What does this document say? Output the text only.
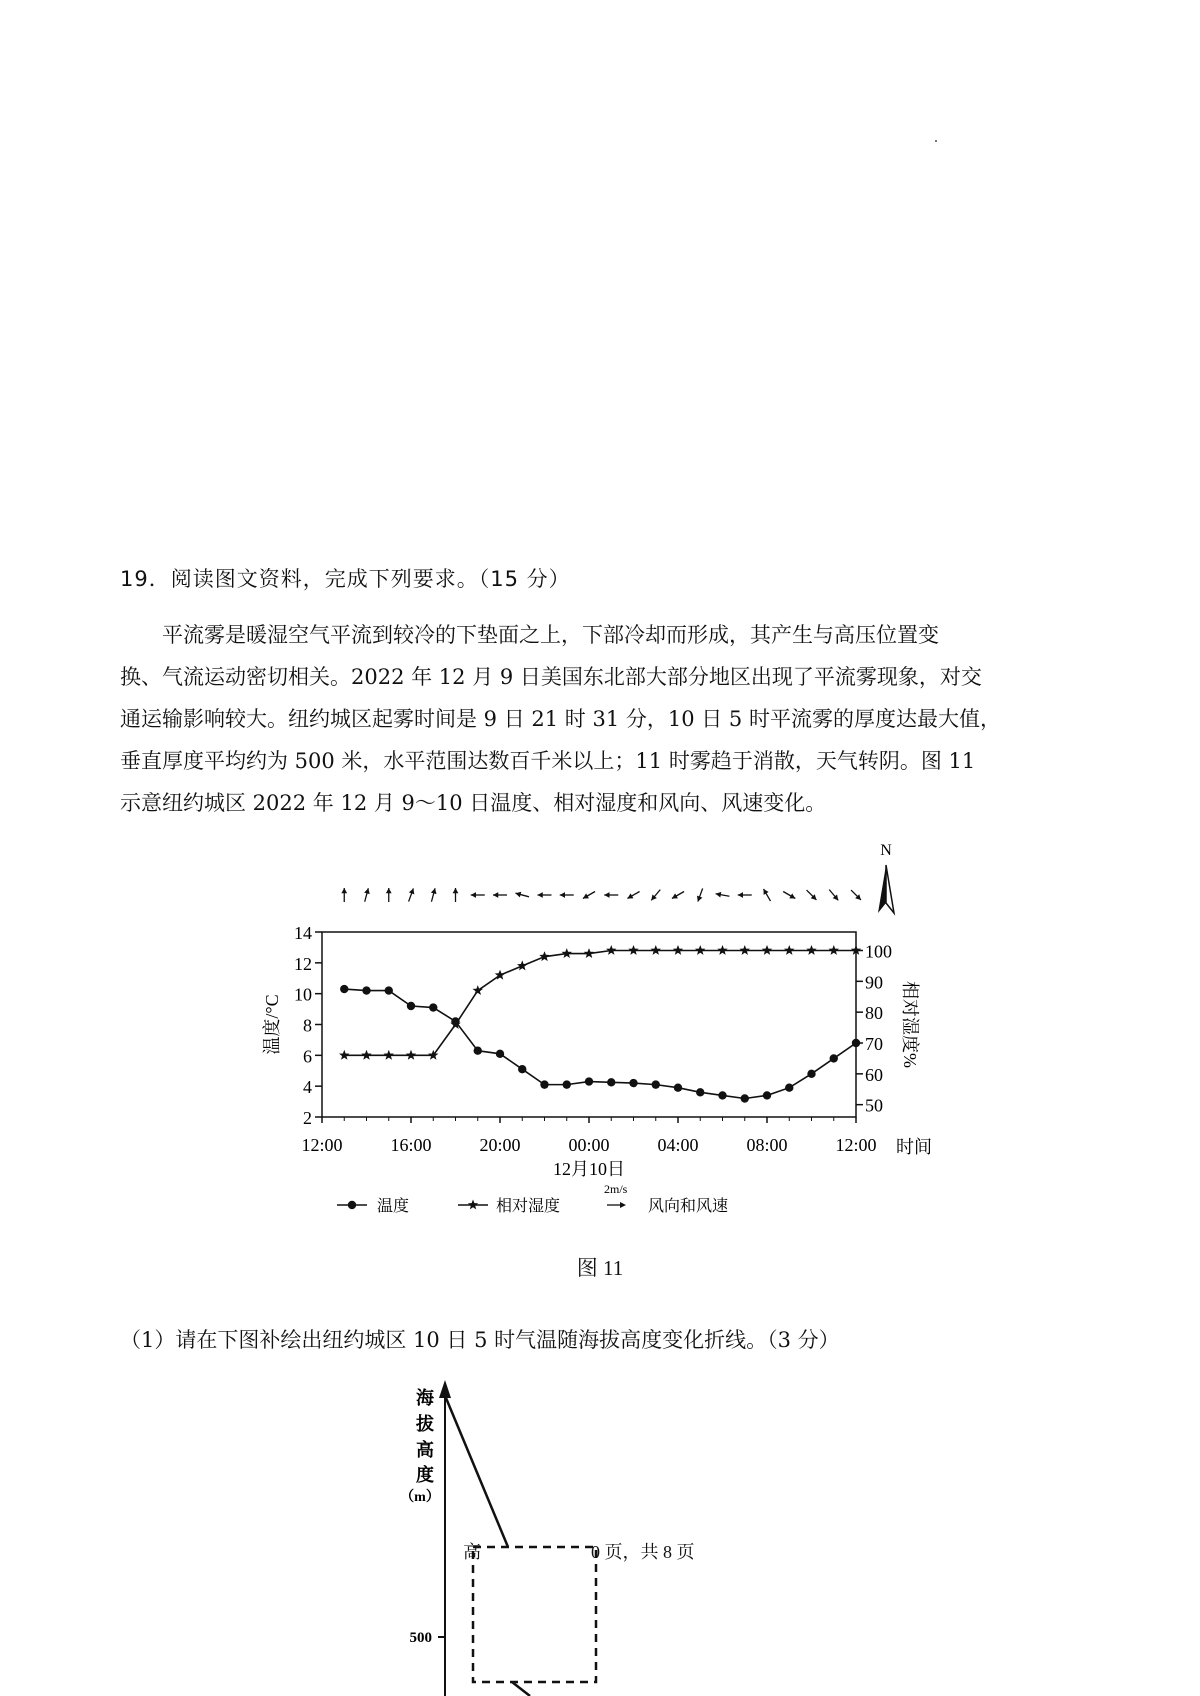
19．阅读图文资料，完成下列要求。（15 分）

平流雾是暖湿空气平流到较冷的下垫面之上，下部冷却而形成，其产生与高压位置变

换、气流运动密切相关。2022 年 12 月 9 日美国东北部大部分地区出现了平流雾现象，对交

通运输影响较大。纽约城区起雾时间是 9 日 21 时 31 分，10 日 5 时平流雾的厚度达最大值，

垂直厚度平均约为 500 米，水平范围达数百千米以上；11 时雾趋于消散，天气转阴。图 11

示意纽约城区 2022 年 12 月 9～10 日温度、相对湿度和风向、风速变化。

2
4
6
8
10
12
14
50
60
70
80
90
100
12:00	16:00	20:00	00:00	04:00	08:00	12:00
12月10日
时间
温度/°C	相对湿度%
N
温度	相对湿度
2m/s
风向和风速
图 11
（1）请在下图补绘出纽约城区 10 日 5 时气温随海拔高度变化折线。（3 分）
海
拔
高
度
（m）
500
高	0 页，共 8 页
